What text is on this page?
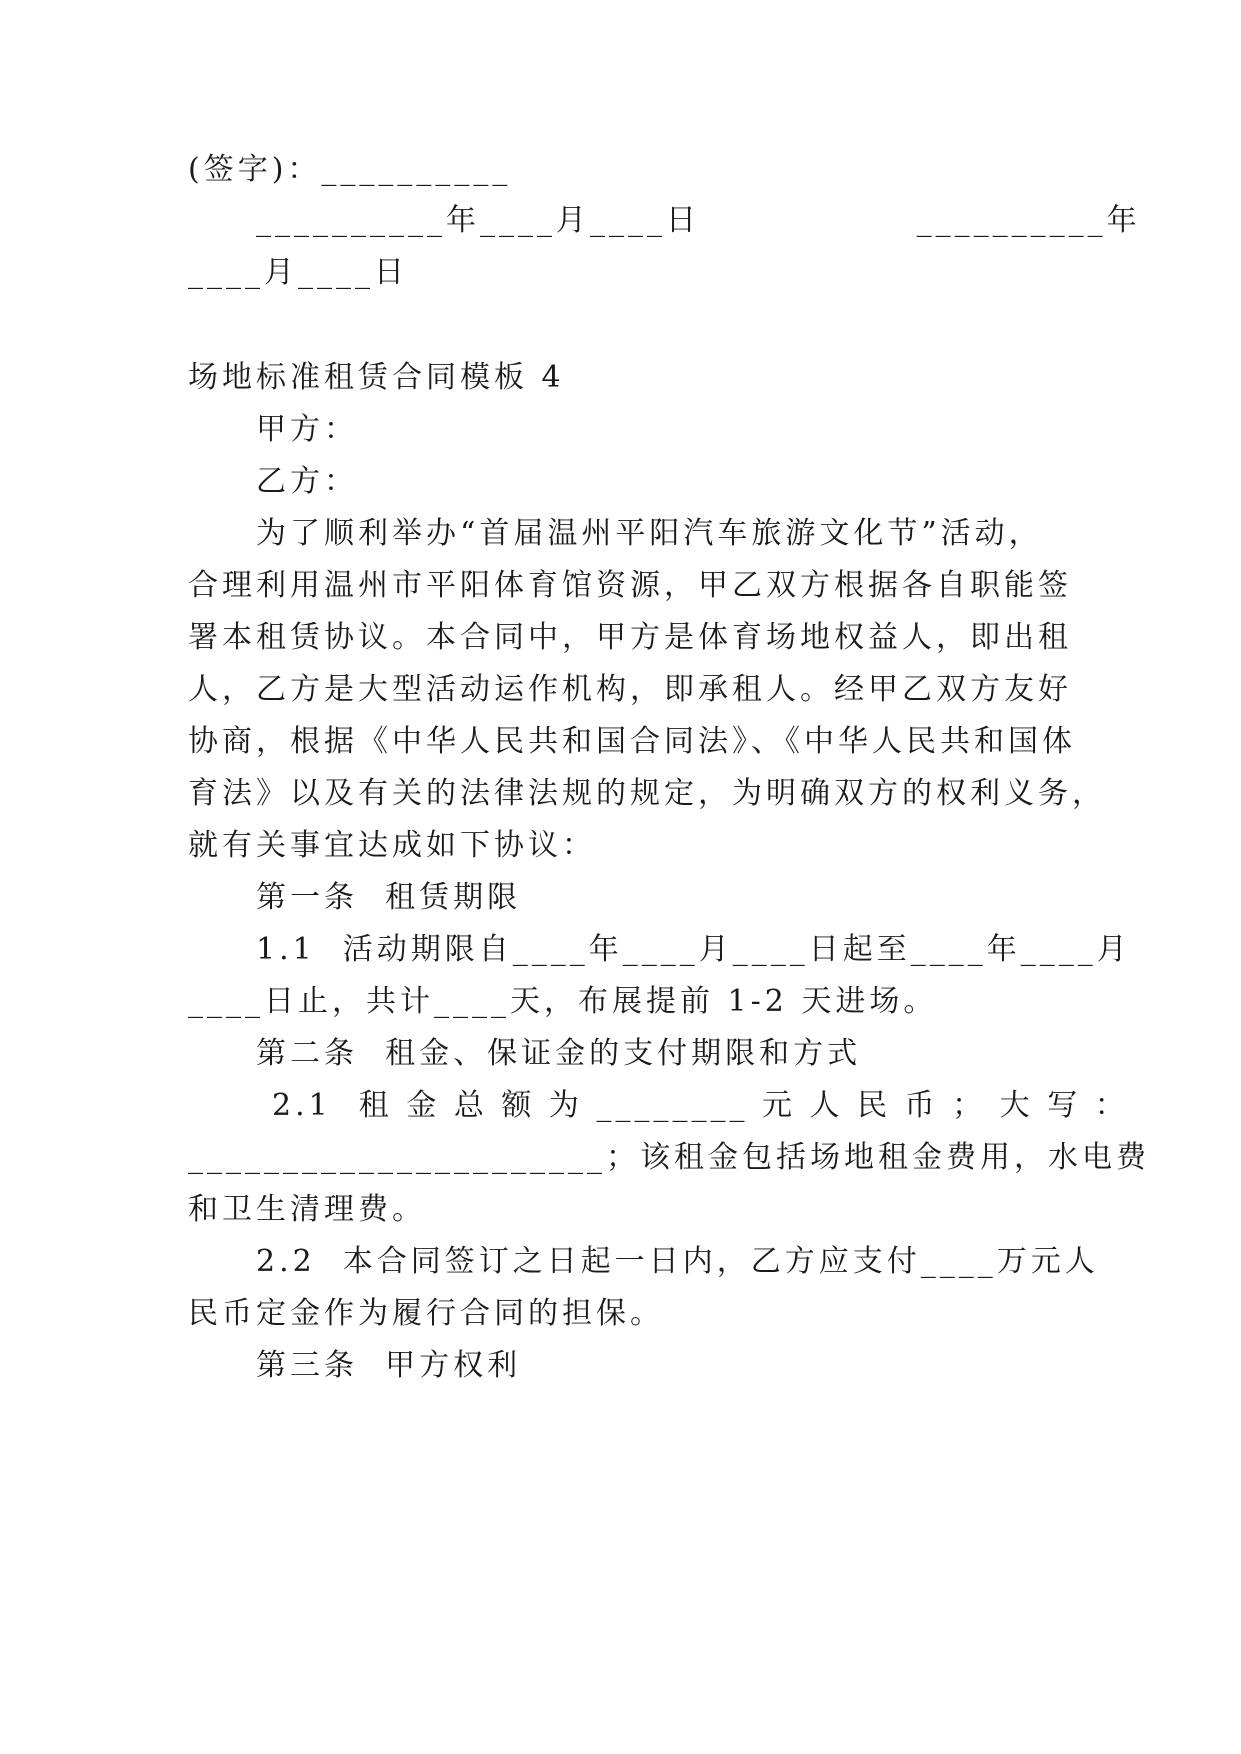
(签字)：__________
__________年____月____日                __________年
____月____日
场地标准租赁合同模板 4
甲方：
乙方：
为了顺利举办“首届温州平阳汽车旅游文化节”活动，
合理利用温州市平阳体育馆资源，甲乙双方根据各自职能签
署本租赁协议。本合同中，甲方是体育场地权益人，即出租
人，乙方是大型活动运作机构，即承租人。经甲乙双方友好
协商，根据《中华人民共和国合同法》、《中华人民共和国体
育法》以及有关的法律法规的规定，为明确双方的权利义务，
就有关事宜达成如下协议：
第一条  租赁期限
1.1  活动期限自____年____月____日起至____年____月
____日止，共计____天，布展提前 1-2 天进场。
第二条  租金、保证金的支付期限和方式
2.1  租 金 总 额 为 ________ 元 人 民 币 ； 大 写 ：
______________________；该租金包括场地租金费用，水电费
和卫生清理费。
2.2  本合同签订之日起一日内，乙方应支付____万元人
民币定金作为履行合同的担保。
第三条  甲方权利
